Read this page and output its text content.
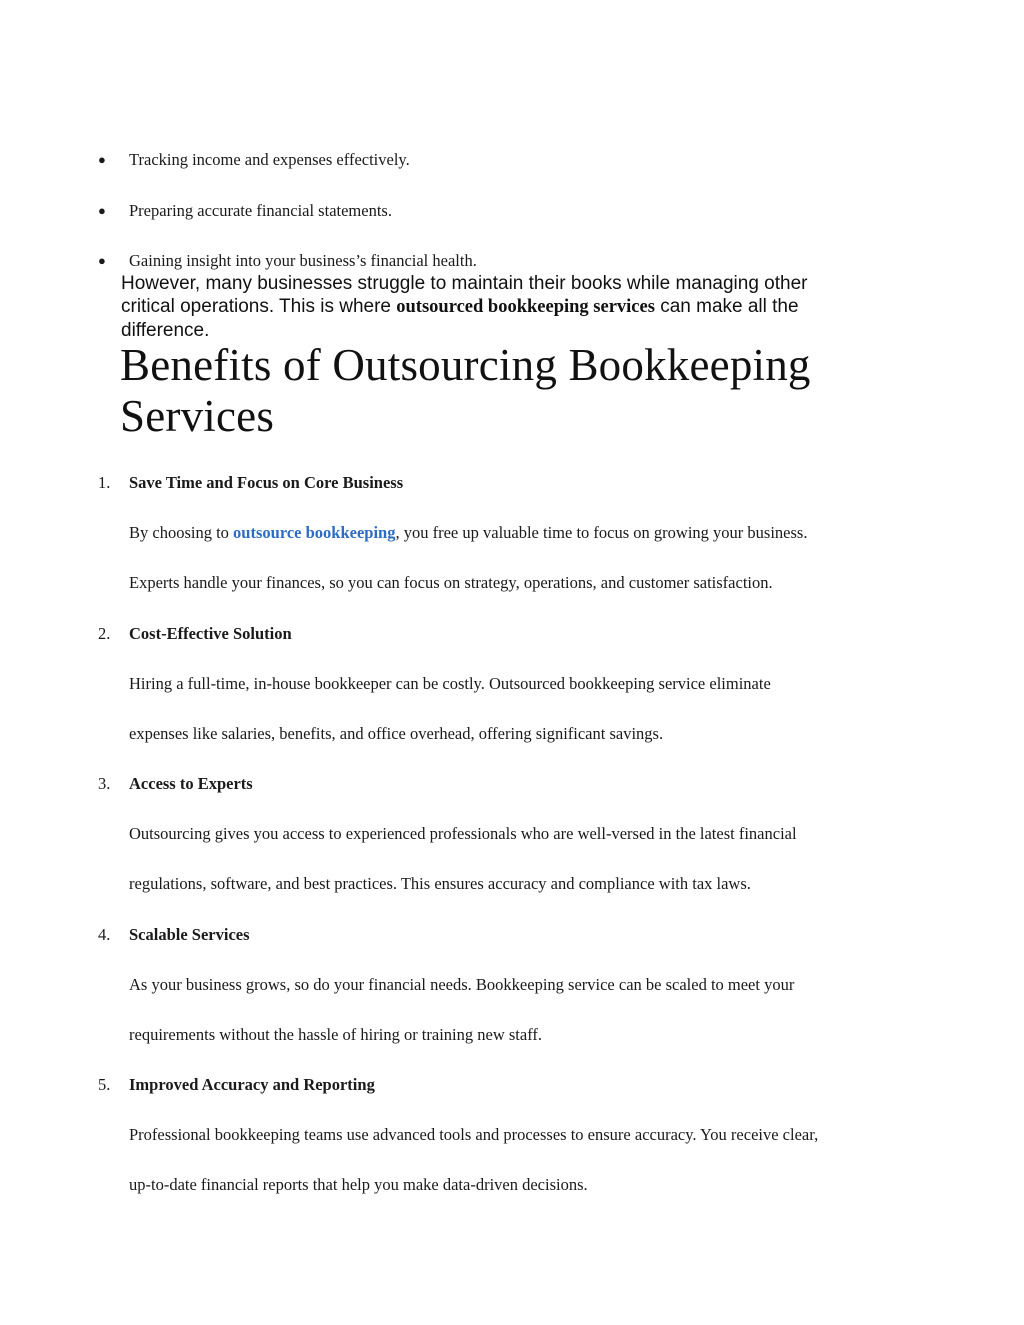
● Tracking income and expenses effectively.
● Preparing accurate financial statements.
● Gaining insight into your business’s financial health.
However, many businesses struggle to maintain their books while managing other
critical operations. This is where outsourced bookkeeping services can make all the
difference.
Benefits of Outsourcing Bookkeeping
Services
1. Save Time and Focus on Core Business
By choosing to outsource bookkeeping, you free up valuable time to focus on growing your business.
Experts handle your finances, so you can focus on strategy, operations, and customer satisfaction.
2. Cost-Effective Solution
Hiring a full-time, in-house bookkeeper can be costly. Outsourced bookkeeping service eliminate
expenses like salaries, benefits, and office overhead, offering significant savings.
3. Access to Experts
Outsourcing gives you access to experienced professionals who are well-versed in the latest financial
regulations, software, and best practices. This ensures accuracy and compliance with tax laws.
4. Scalable Services
As your business grows, so do your financial needs. Bookkeeping service can be scaled to meet your
requirements without the hassle of hiring or training new staff.
5. Improved Accuracy and Reporting
Professional bookkeeping teams use advanced tools and processes to ensure accuracy. You receive clear,
up-to-date financial reports that help you make data-driven decisions.
